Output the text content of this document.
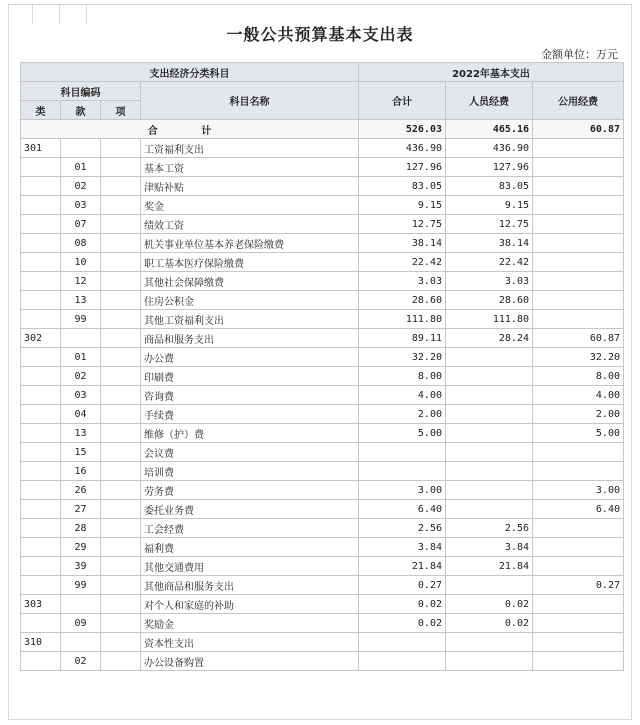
一般公共预算基本支出表
金额单位：万元
支出经济分类科目				2022年基本支出		
科目编码			科目名称	合计	人员经费	公用经费
类	款	项				
合 计				526.03	465.16	60.87
301			工资福利支出	436.90	436.90	
	01		基本工资	127.96	127.96	
	02		津贴补贴	83.05	83.05	
	03		奖金	9.15	9.15	
	07		绩效工资	12.75	12.75	
	08		机关事业单位基本养老保险缴费	38.14	38.14	
	10		职工基本医疗保险缴费	22.42	22.42	
	12		其他社会保障缴费	3.03	3.03	
	13		住房公积金	28.60	28.60	
	99		其他工资福利支出	111.80	111.80	
302			商品和服务支出	89.11	28.24	60.87
	01		办公费	32.20		32.20
	02		印刷费	8.00		8.00
	03		咨询费	4.00		4.00
	04		手续费	2.00		2.00
	13		维修（护）费	5.00		5.00
	15		会议费			
	16		培训费			
	26		劳务费	3.00		3.00
	27		委托业务费	6.40		6.40
	28		工会经费	2.56	2.56	
	29		福利费	3.84	3.84	
	39		其他交通费用	21.84	21.84	
	99		其他商品和服务支出	0.27		0.27
303			对个人和家庭的补助	0.02	0.02	
	09		奖励金	0.02	0.02	
310			资本性支出			
	02		办公设备购置			
